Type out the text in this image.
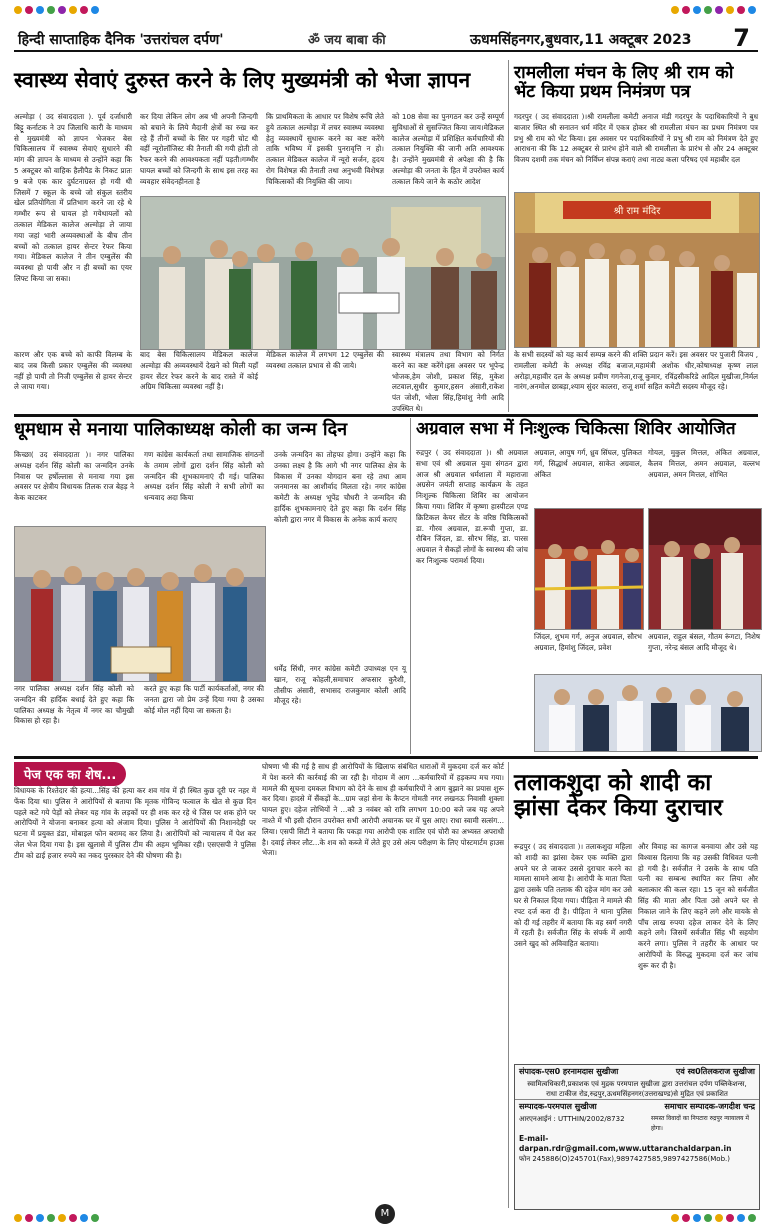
हिन्दी साप्ताहिक दैनिक 'उत्तरांचल दर्पण'	ॐ जय बाबा की	ऊधमसिंहनगर,बुधवार,11 अक्टूबर 2023 7
स्वास्थ्य सेवाएं दुरुस्त करने के लिए मुख्यमंत्री को भेजा ज्ञापन
अल्मोड़ा ( उद संवाददाता ). पूर्व दर्जाधारी बिट्टू कर्नाटक ने उप जिलाधि कारी के माध्यम से मुख्यमंत्री को ज्ञापन भेजकर बेस चिकित्सालय में स्वास्थ्य सेवाएं सुधारने की मांग की ज्ञापन के माध्यम से उन्होंने कहा कि 5 अक्टूबर को वाहिक हैलीपैड के निकट प्रातः 9 बजे एक कार दुर्घटनाग्रस्त हो गयी थी जिसमें 7 स्कूल के बच्चे जो संकुल स्तरीय खेल प्रतियोगिता में प्रतिभाग करने जा रहे थे गम्भीर रूप से घायल हो गयेथायलों को तत्काल मेडिकल कालेज अल्मोड़ा ले जाया गया जहां भारी अव्यवस्थाओं के बीच तीन बच्चों को तत्काल हायर सेन्टर रेफर किया गया। मेडिकल कालेज ने तीन एम्बुलेंस की व्यवस्था हो पायी और न ही बच्चों का एयर लिफ्ट किया जा सका।
कर दिया लेकिन लोग अब भी अपनी जिन्दगी को बचाने के लिये मैदानी क्षेत्रों का रुख कर रहे हैं तीनों बच्चों के सिर पर गहरी चोट थी वहीं न्यूरोलॉजिस्ट की तैनाती की गयी होती तो रैफर करने की आवश्यकता नहीं पड़ती।गम्भीर घायल बच्चों को जिन्दगी के साथ इस तरह का व्यवहार संवेदनहीनता है
कि प्राथमिकता के आधार पर विशेष रूचि लेते हुये तत्काल अल्मोड़ा में लचर स्वास्थ्य व्यवस्था हेतु व्यवस्थायें सुधारू करने का कष्ट करेंगे ताकि भविष्य में इसकी पुनरावृत्ति न हो।तत्काल मेडिकल कालेज में न्यूरो सर्जन, हृदय रोग विशेषज्ञ की तैनाती तथा अनुभवी विशेषज्ञ चिकित्सकों की नियुक्ति की जाय।
को 108 सेवा का पुनगठन कर उन्हें सम्पूर्ण सुविधाओं से सुसज्जित किया जाय।मेडिकल कालेज अल्मोड़ा में प्रशिक्षित कर्मचारियों की तत्काल नियुक्ति की जानी अति आवश्यक है। उन्होंने मुख्यमंत्री से अपेक्षा की है कि अल्मोड़ा की जनता के हित में उपरोक्त कार्य तत्काल किये जाने के कठोर आदेश
कारण और एक बच्चे को काफी विलम्ब के बाद जब किसी प्रकार एम्बुलेंस की व्यवस्था नहीं हो पायी तो निजी एम्बुलेंस से हायर सेन्टर ले जाया गया।
बाद बेस चिकित्सालय मेडिकल कालेज अल्मोड़ा की अव्यवस्थायें देखने को मिली यहाँ हायर सेंटर रेफर करने के बाद रास्ते में कोई अग्रिम चिकित्सा व्यवस्था नहीं है।
मेडिकल कालेज में लगभग 12 एम्बुलेंस की व्यवस्था तत्काल प्रभाव से की जाये।
स्वास्थ्य मंत्रालय तथा विभाग को निर्गत करने का कष्ट करेंगे।इस अवसर पर भूपेन्द्र भोजक,हेम जोशी, प्रकाश सिंह, मुकेश लटवाल,सुधीर कुमार,हसन अंसारी,राकेश पंत जोशी, भोला सिंह,हिमांशु नेगी आदि उपस्थित थे।
रामलीला मंचन के लिए श्री राम को भेंट किया प्रथम निमंत्रण पत्र
गदरपुर ( उद संवाददाता )।श्री रामलीला कमेटी अनाज मंडी गदरपुर के पदाधिकारियों ने बुध बाजार स्थित श्री सनातन धर्म मंदिर में एकत्र होकर श्री रामलीला मंचन का प्रथम निमंत्रण पत्र प्रभु श्री राम को भेंट किया। इस अवसर पर पदाधिकारियों ने प्रभु श्री राम को निमंत्रण देते हुए आराधना की कि 12 अक्टूबर से प्रारंभ होने वाले श्री रामलीला के प्रारंभ से और 24 अक्टूबर विजय दशमी तक मंचन को निर्विघ्न संपन्न कराएं तथा नाट्य कला परिषद एवं महाबीर दल
श्री राम मंदिर
के सभी सदस्यों को यह कार्य सम्पन्न करने की शक्ति प्रदान करें। इस अवसर पर पुजारी विजय , रामलीला कमेटी के अध्यक्ष रविंद्र बजाज,महामंत्री अशोक धीर,कोषाध्यक्ष कृष्ण लाल अरोड़ा,महावीर दल के अध्यक्ष प्रवीण गगनेजा,राजू कुमार, रविंद्रसीकरिडे आदिल मुखीजा,निर्मल नारंग,अनमोल छाबड़ा,श्याम सुंदर कालरा, राजू शर्मा सहित कमेटी सदस्य मौजूद रहे।
धूमधाम से मनाया पालिकाध्यक्ष कोली का जन्म दिन
किच्छा( उद संवाददाता )। नगर पालिका अध्यक्ष दर्शन सिंह कोली का जन्मदिन उनके निवास पर हर्षोल्लास से मनाया गया इस अवसर पर क्षेत्रीय विधायक तिलक राज बेहड़ ने केक काटकर
गण कांग्रेस कार्यकर्ता तथा सामाजिक संगठनों के तमाम लोगों द्वारा दर्शन सिंह कोली को जन्मदिन की शुभकामनाएं दी गई। पालिका अध्यक्ष दर्शन सिंह कोली ने सभी लोगों का धन्यवाद अदा किया
उनके जन्मदिन का तोहफा होगा। उन्होंने कहा कि उनका लक्ष्य है कि आगे भी नगर पालिका क्षेत्र के विकास में उनका योगदान बना रहे तथा आम जनमानस का आशीर्वाद मिलता रहे। नगर कांग्रेस कमेटी के अध्यक्ष भूपेंद्र चौधरी ने जन्मदिन की हार्दिक शुभकामनाएं देते हुए कहा कि दर्शन सिंह कोली द्वारा नगर में विकास के अनेक कार्य कराए
नगर पालिका अध्यक्ष दर्शन सिंह कोली को जन्मदिन की हार्दिक बधाई देते हुए कहा कि पालिका अध्यक्ष के नेतृत्व में नगर का चौमुखी विकास हो रहा है।
करते हुए कहा कि पार्टी कार्यकर्ताओं, नगर की जनता द्वारा जो प्रेम उन्हें दिया गया है उसका कोई मोल नहीं दिया जा सकता है।
धर्मेंद्र सिंधी, नगर कांग्रेस कमेटी उपाध्यक्ष एन यू खान, राजू कोहली,समाचार अफसार कुरैशी, तौसीफ अंसारी, सभासद राजकुमार कोली आदि मौजूद रहे।
अग्रवाल सभा में निःशुल्क चिकित्सा शिविर आयोजित
रुद्रपुर ( उद संवाददाता )। श्री अग्रवाल सभा एवं श्री अग्रवाल युवा संगठन द्वारा आज श्री अग्रवाल धर्मशाला में महाराजा अग्रसेन जयंती सप्ताह कार्यक्रम के तहत निःशुल्क चिकित्सा शिविर का आयोजन किया गया। शिविर में कृष्णा हास्पीटल एण्ड क्रिटिकल केयर सेंटर के वरिष्ठ चिकित्सकों डा. गौरव अग्रवाल, डा.रूची गुप्ता, डा. रौबिन जिंदल, डा. सौरभ सिंह, डा. पारस अग्रवाल ने सैकड़ों लोगों के स्वास्थ्य की जांच कर निःशुल्क परामर्श दिया।
अग्रवाल, आयुष गर्ग, ध्रुव सिंघल, पुलिकत गर्ग, सिद्धार्थ अग्रवाल, साकेत अग्रवाल, अंकित
गोयल, मुकुल मित्तल, अंकित अग्रवाल, कैलव मित्तल, अमन अग्रवाल, वल्लभ अग्रवाल, अमन मित्तल, शोभित
जिंदल, शुभम गर्ग, अनुज अग्रवाल, सौरभ अग्रवाल, हिमांशु जिंदल, प्रवेश
अग्रवाल, राहुल बंसल, गौतम रूंगटा, निशेष गुप्ता, नरेन्द्र बंसल आदि मौजूद थे।
पेज एक का शेष...
विधायक के रिश्तेदार की हत्या...सिंह की हत्या कर शव गांव में ही स्थित कुछ दूरी पर नहर में फेंक दिया था। पुलिस ने आरोपियों से बताया कि मृतक गोविन्द फत्वाल के खेत से कुछ दिन पहले कटे गये पेड़ों को लेकर यह गांव के लड़कों पर ही शक कर रहे थे जिस पर शक होने पर आरोपियों ने योजना बनाकर हत्या को अंजाम दिया। पुलिस ने आरोपियों की निशानदेही पर घटना में प्रयुक्त डंडा, मोबाइल फोन बरामद कर लिया है। आरोपियों को न्यायालय में पेश कर जेल भेज दिया गया है। इस खुलासे में पुलिस टीम की अहम भूमिका रही। एसएसपी ने पुलिस टीम को ढाई हजार रुपये का नकद पुरस्कार देने की घोषणा की है।
घोषणा भी की गई है साथ ही आरोपियों के खिलाफ संबंधित धाराओं में मुकदमा दर्ज कर कोर्ट में पेश करने की कार्रवाई की जा रही है। गोदाम में आग ...कर्मचारियों में हड़कम्प मच गया। मामले की सूचना दमकल विभाग को देने के साथ ही कर्मचारियों ने आग बुझाने का प्रयास शुरू कर दिया। हादसे में सैंकड़ों के...ग्राम जहां सेना के कैप्टन गोमती नगर लखनऊ निवासी शुक्ला घायल हुए। दहेज लोभियों ने ...कौ 3 नवंबर को रात्रि लगभग 10:00 बजे जब यह अपने नाश्ते में भी इसी दौरान उपरोक्त सभी आरोपी अचानक घर में घुस आए। राधा स्वामी सत्संग... लिया। एसपी सिटी ने बताया कि पकड़ा गया आरोपी एक शातिर एवं चोरी का अभ्यस्त अपराधी है। दवाई लेकर लौट...के शव को कब्जे में लेते हुए उसे अंत्य परीक्षण के लिए पोस्टमार्टम हाउस भेजा।
तलाकशुदा को शादी का झांसा देकर किया दुराचार
रूद्रपुर ( उद संवाददाता )। तलाकशुदा महिला को शादी का झांसा देकर एक व्यक्ति द्वारा अपने घर ले जाकर उससे दुराचार करने का मामला सामने आया है। आरोपी के माता पिता द्वारा उसके पति तलाक की दहेज मांग कर उसे घर से निकाल दिया गया। पीड़िता ने मामले की रपट दर्ज करा दी है। पीड़िता ने थाना पुलिस को दी गई तहरीर में बताया कि वह स्वर्ग नगरी में रहती है। सर्वजीत सिंह के संपर्क में आयी उसने खुद को अविवाहित बताया।
और विवाह का कागज बनवाया और उसे यह विश्वास दिलाया कि वह उसकी विधिवत पत्नी हो गयी है। सर्वजीत ने उसके के साथ पति पत्नी का सम्बन्ध स्थापित कर लिया और बलात्कार की कत्ल रहा। 15 जून को सर्वजीत सिंह की माता और पिता उसे अपने घर से निकाल जाने के लिए कहने लगे और मायके से पाँच लाख रुपया दहेज लाकर देने के लिए कहने लगे। जिसमें सर्वजीत सिंह भी सहयोग करने लगा। पुलिस ने तहरीर के आधार पर आरोपियों के विरुद्ध मुकदमा दर्ज कर जांच शुरू कर दी है।
संपादक-एस0 हरनामदास सुखीजा	एवं स्व0तिलकराज सुखीजा
स्वामित्वधिकारी,प्रकाशक एवं मुद्रक परमपाल सुखीजा द्वारा उत्तरांचल दर्पण पब्लिकेशन्स,
राधा टाकीज रोड,रुद्रपुर,ऊधमसिंहनगर(उत्तराखण्ड)से मुद्रित एवं प्रकाशित
सम्पादक-परमपाल सुखीजा	समाचार सम्पादक-जगदीश चन्द्र
आरएनआईनं : UTTHIN/2002/8732	समस्त विवादों का निपटारा रुद्रपुर न्यायालय में होगा।
E-mail-darpan.rdr@gmail.com,www.uttaranchaldarpan.in
फोन 245886(O)245701(Fax),9897427585,9897427586(Mob.)
M
